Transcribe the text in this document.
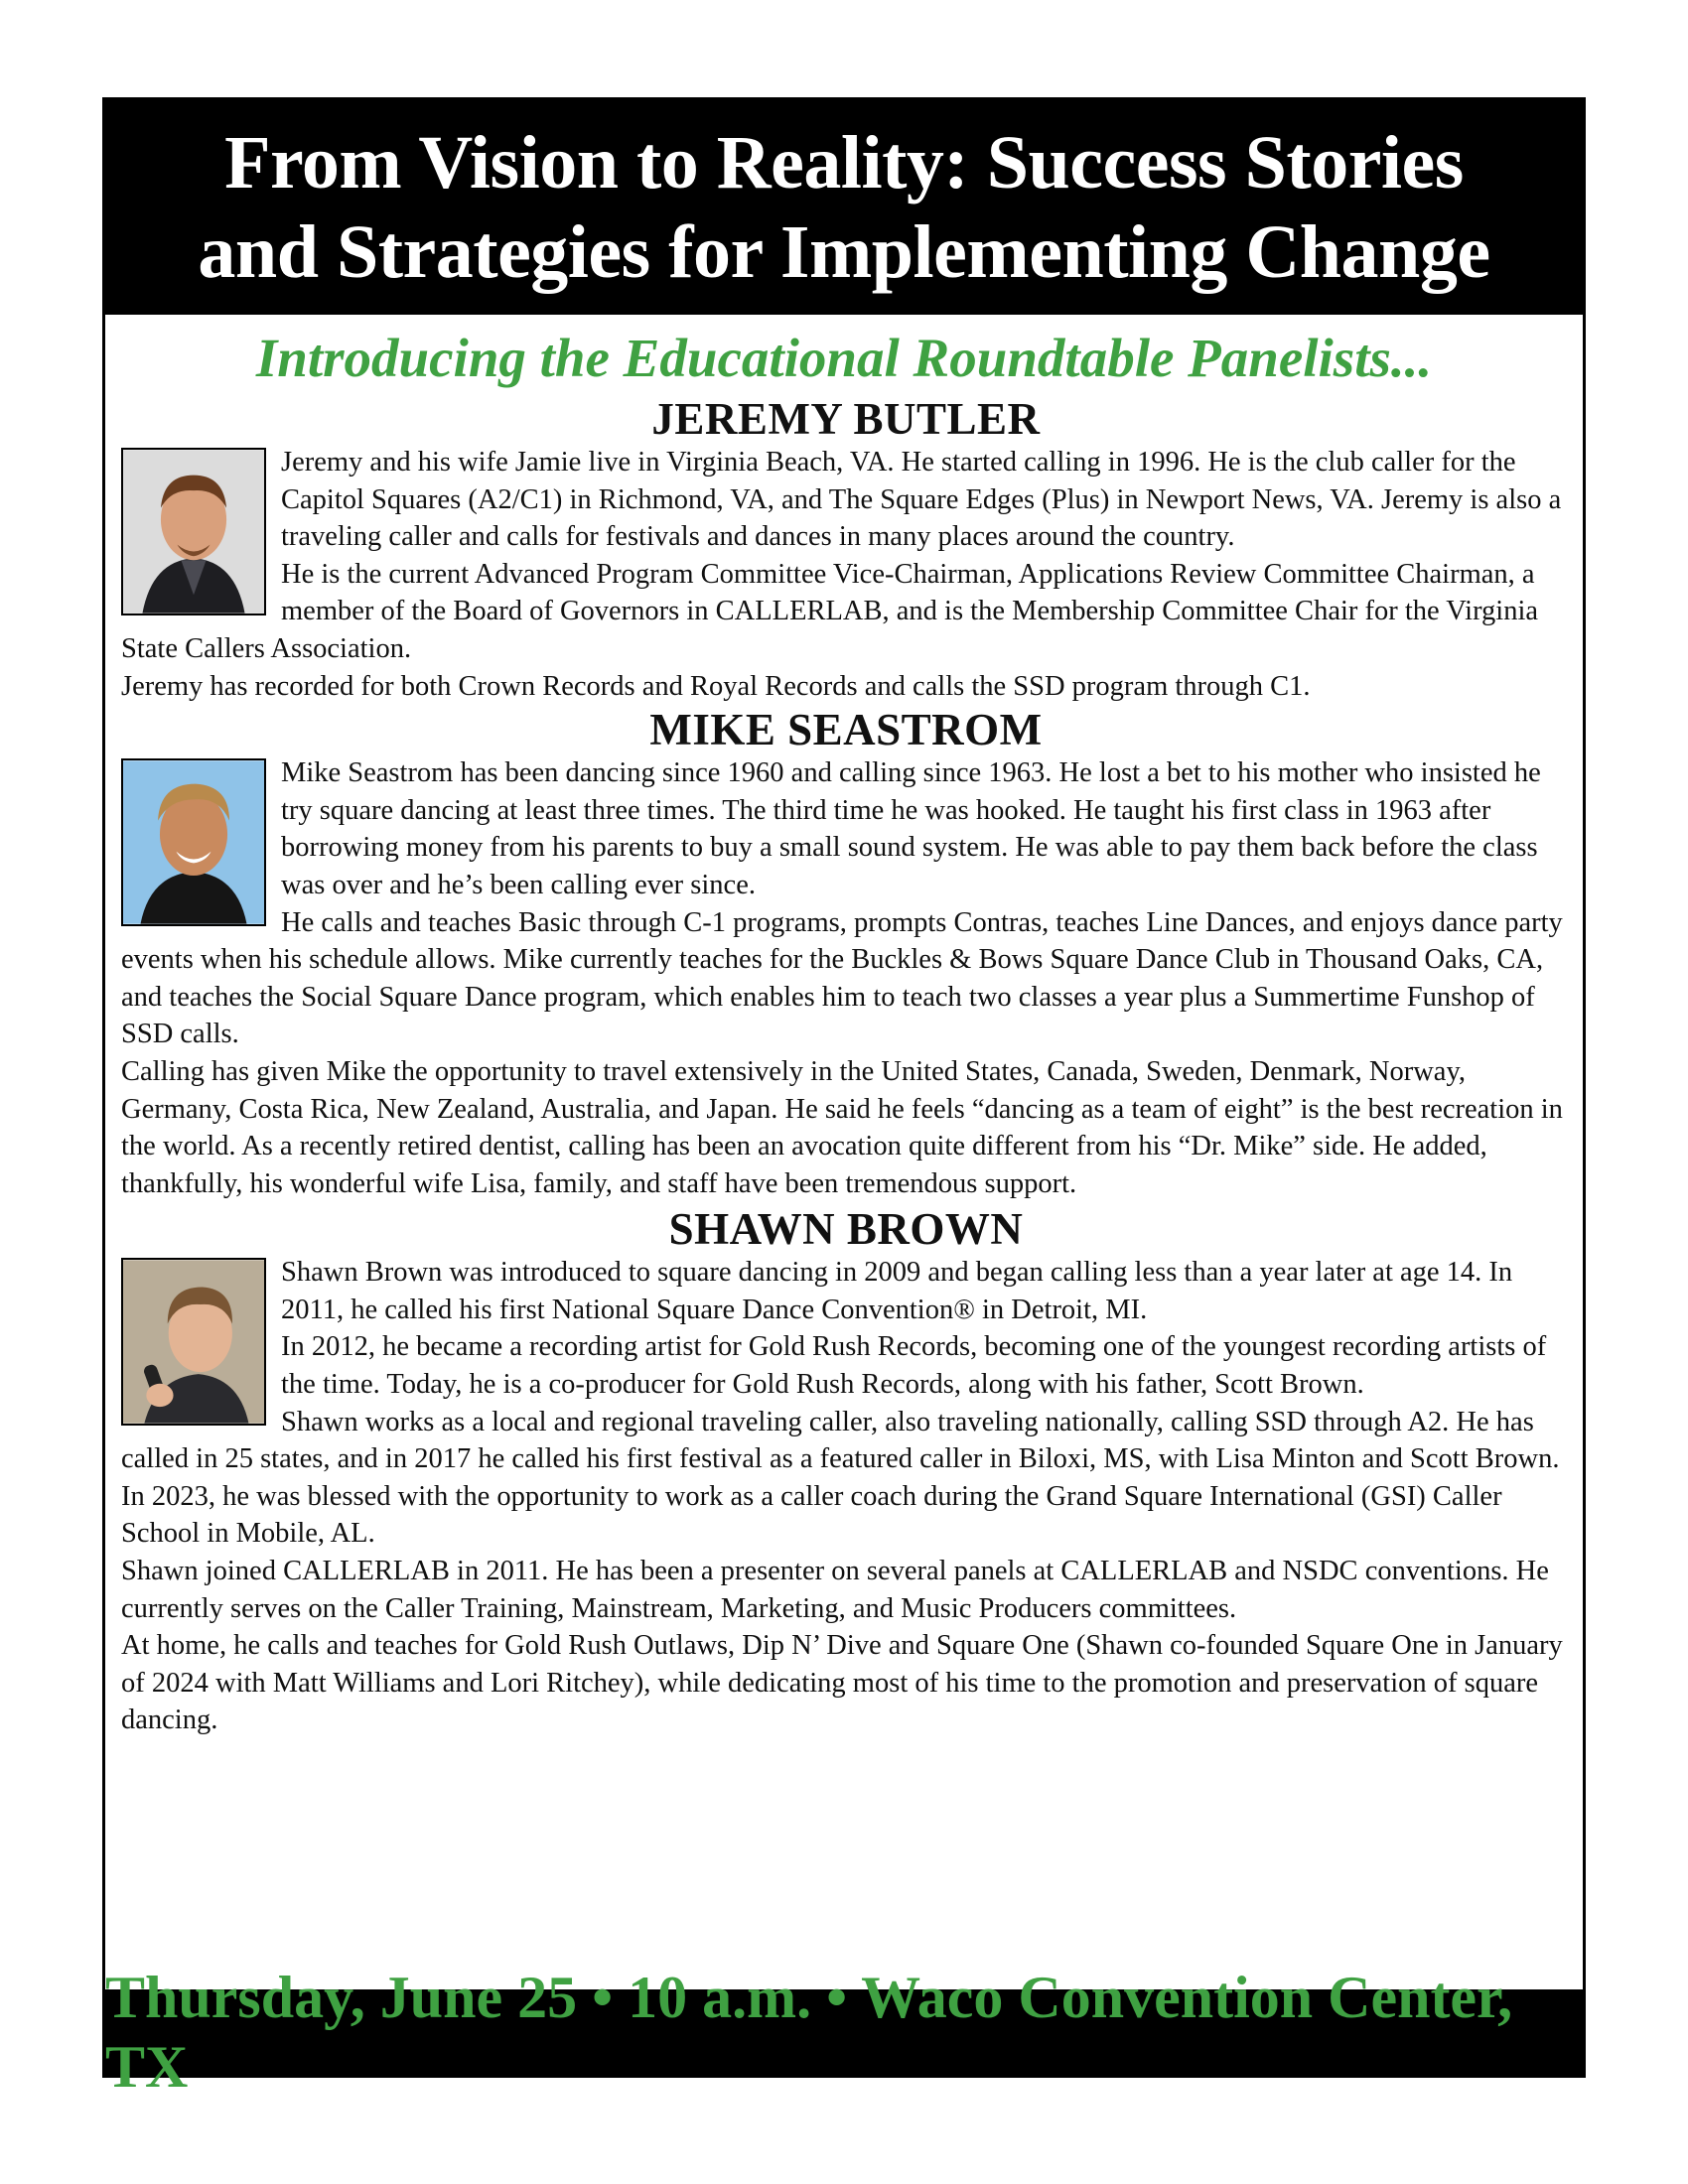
From Vision to Reality: Success Stories
and Strategies for Implementing Change

Introducing the Educational Roundtable Panelists...

JEREMY BUTLER

Jeremy and his wife Jamie live in Virginia Beach, VA. He started calling in 1996. He is the club caller for the Capitol Squares (A2/C1) in Richmond, VA, and The Square Edges (Plus) in Newport News, VA. Jeremy is also a traveling caller and calls for festivals and dances in many places around the country.

He is the current Advanced Program Committee Vice-Chairman, Applications Review Committee Chairman, a member of the Board of Governors in CALLERLAB, and is the Membership Committee Chair for the Virginia State Callers Association.

Jeremy has recorded for both Crown Records and Royal Records and calls the SSD program through C1.

MIKE SEASTROM

Mike Seastrom has been dancing since 1960 and calling since 1963. He lost a bet to his mother who insisted he try square dancing at least three times. The third time he was hooked. He taught his first class in 1963 after borrowing money from his parents to buy a small sound system. He was able to pay them back before the class was over and he’s been calling ever since.

He calls and teaches Basic through C-1 programs, prompts Contras, teaches Line Dances, and enjoys dance party events when his schedule allows. Mike currently teaches for the Buckles & Bows Square Dance Club in Thousand Oaks, CA, and teaches the Social Square Dance program, which enables him to teach two classes a year plus a Summertime Funshop of SSD calls.

Calling has given Mike the opportunity to travel extensively in the United States, Canada, Sweden, Denmark, Norway, Germany, Costa Rica, New Zealand, Australia, and Japan. He said he feels “dancing as a team of eight” is the best recreation in the world. As a recently retired dentist, calling has been an avocation quite different from his “Dr. Mike” side. He added, thankfully, his wonderful wife Lisa, family, and staff have been tremendous support.

SHAWN BROWN

Shawn Brown was introduced to square dancing in 2009 and began calling less than a year later at age 14. In 2011, he called his first National Square Dance Convention® in Detroit, MI.

In 2012, he became a recording artist for Gold Rush Records, becoming one of the youngest recording artists of the time. Today, he is a co-producer for Gold Rush Records, along with his father, Scott Brown.

Shawn works as a local and regional traveling caller, also traveling nationally, calling SSD through A2. He has called in 25 states, and in 2017 he called his first festival as a featured caller in Biloxi, MS, with Lisa Minton and Scott Brown. In 2023, he was blessed with the opportunity to work as a caller coach during the Grand Square International (GSI) Caller School in Mobile, AL.

Shawn joined CALLERLAB in 2011. He has been a presenter on several panels at CALLERLAB and NSDC conventions. He currently serves on the Caller Training, Mainstream, Marketing, and Music Producers committees.

At home, he calls and teaches for Gold Rush Outlaws, Dip N’ Dive and Square One (Shawn co-founded Square One in January of 2024 with Matt Williams and Lori Ritchey), while dedicating most of his time to the promotion and preservation of square dancing.

Thursday, June 25 • 10 a.m. • Waco Convention Center, TX
